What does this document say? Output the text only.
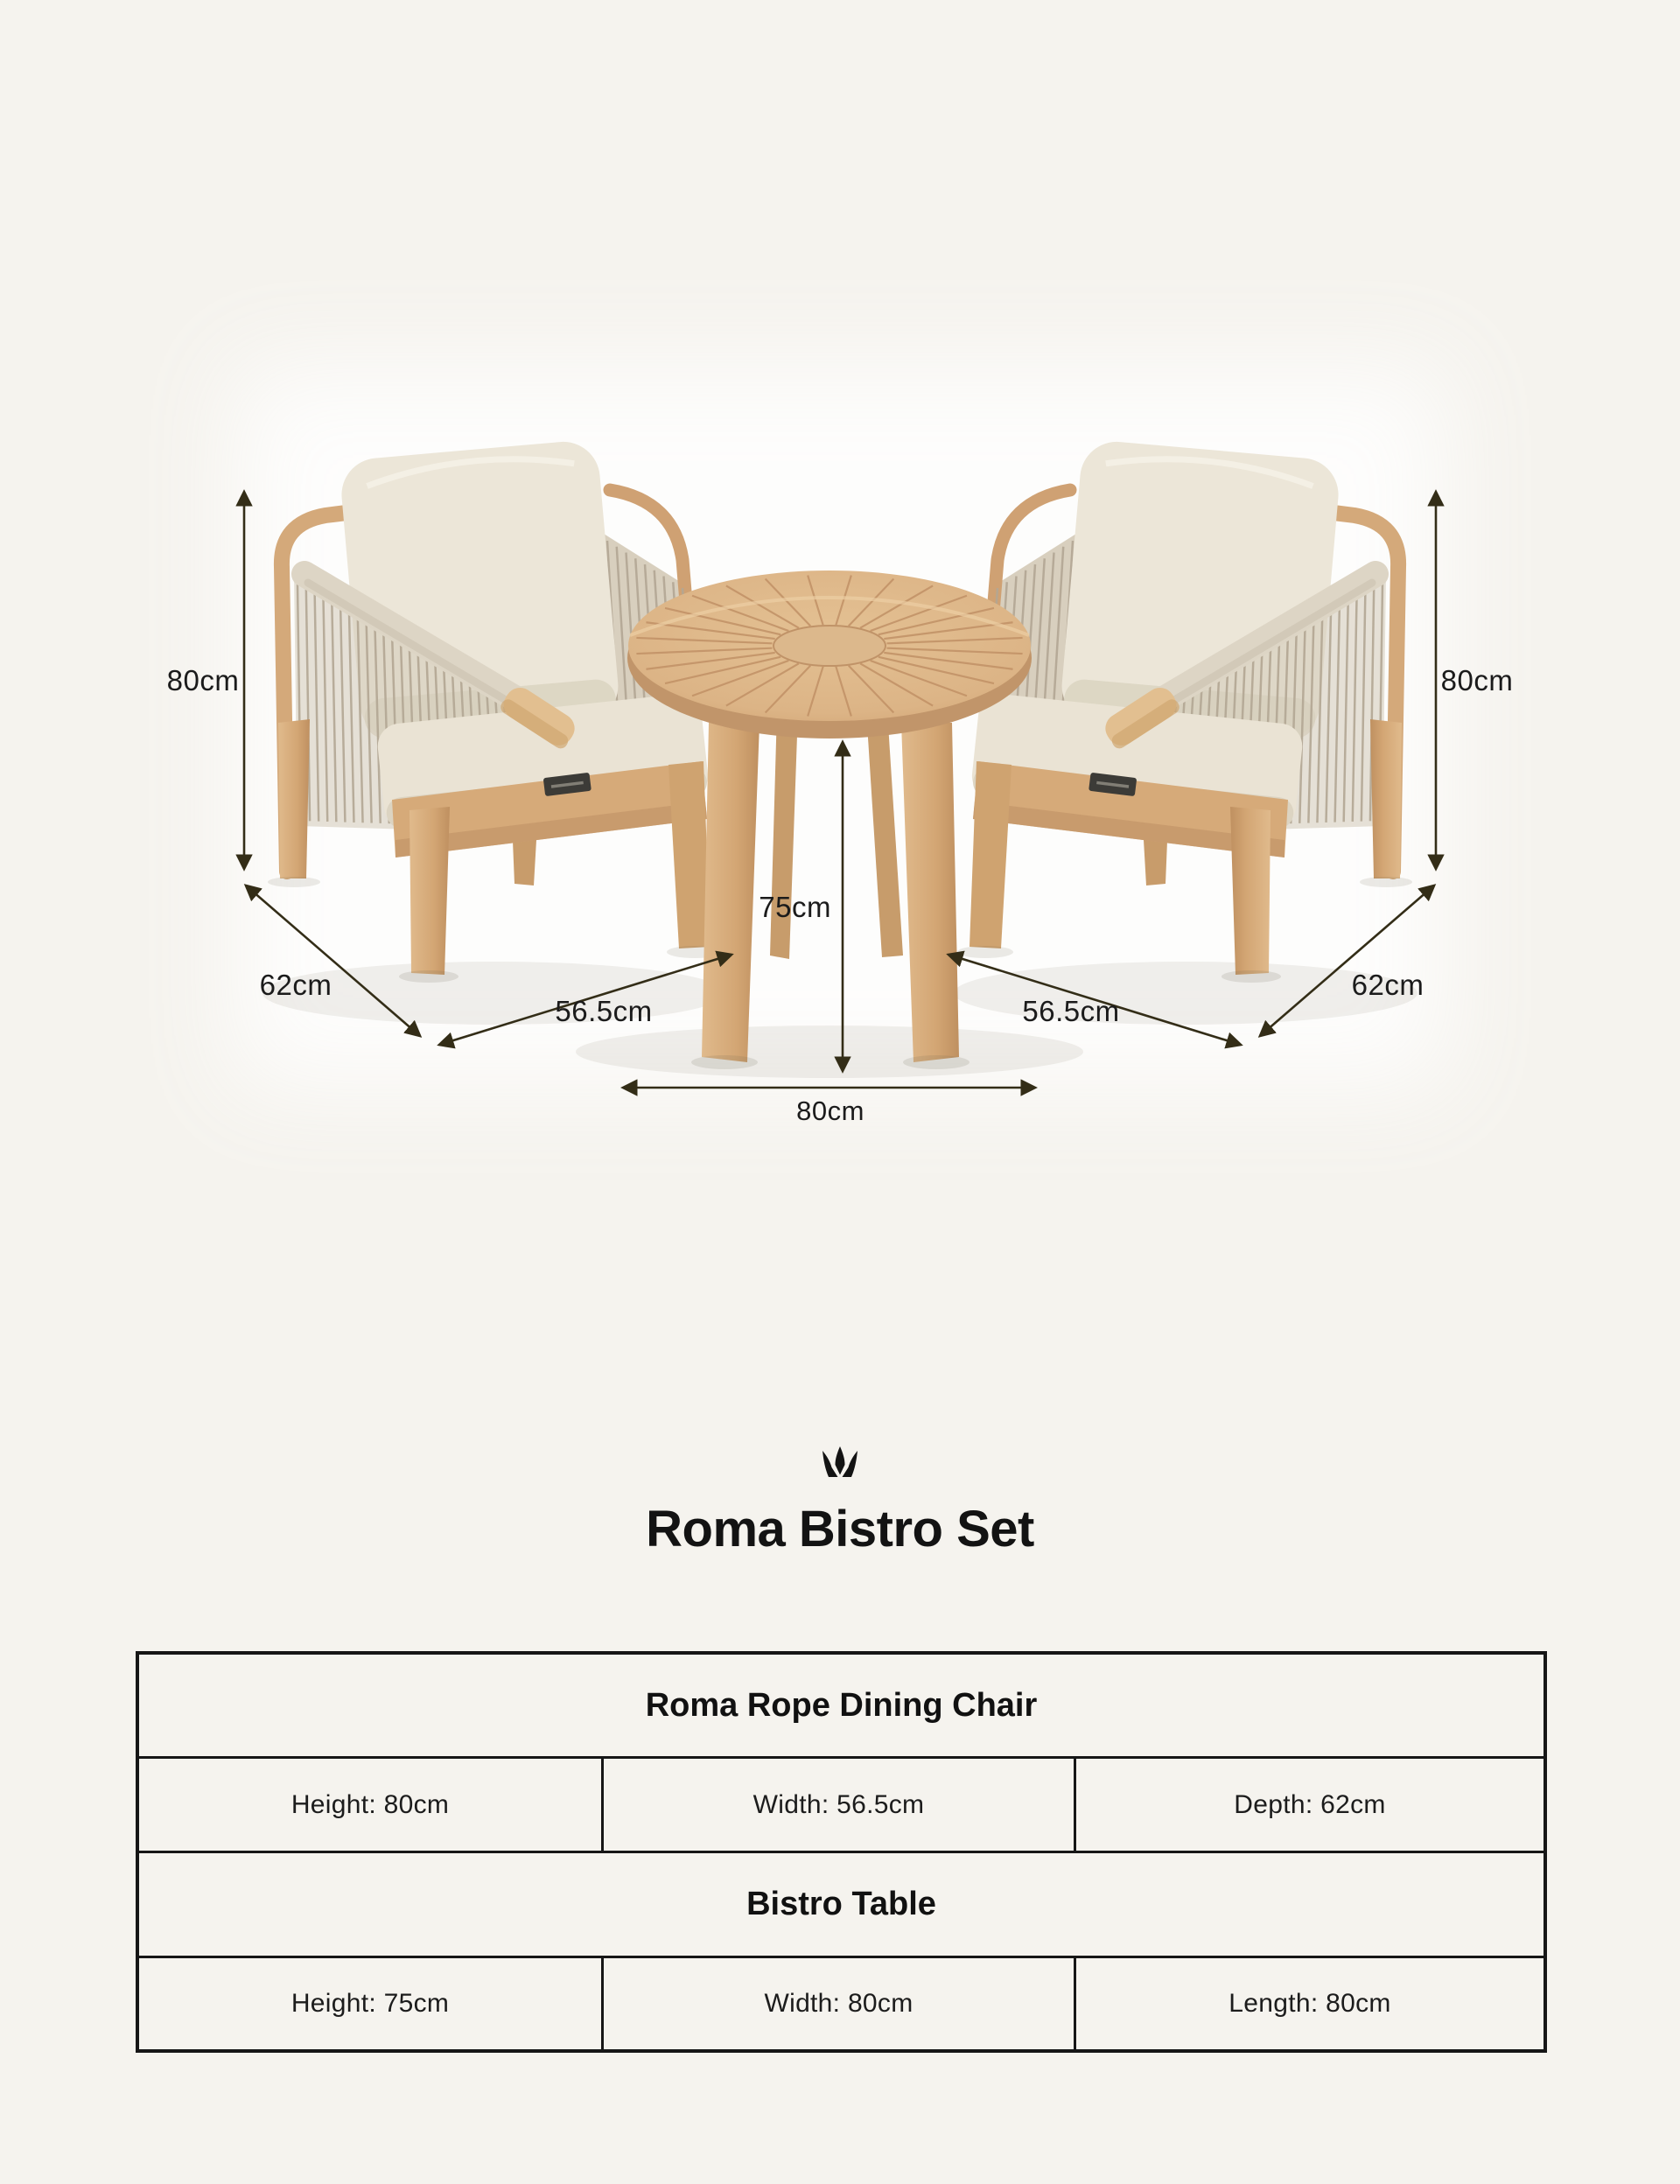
80cm	80cm
62cm	62cm
56.5cm	56.5cm
75cm
80cm
Roma Bistro Set
Roma Rope Dining Chair
Height: 80cm	Width: 56.5cm	Depth: 62cm
Bistro Table
Height: 75cm	Width: 80cm	Length: 80cm
